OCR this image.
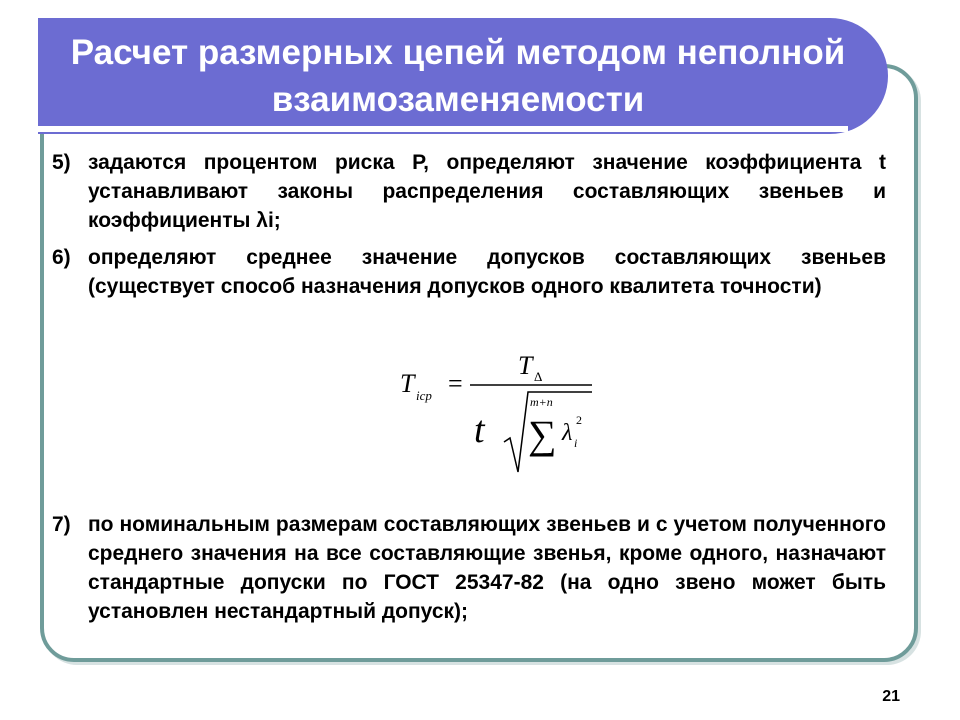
Расчет размерных цепей методом неполной взаимозаменяемости
5) задаются процентом риска Р, определяют значение коэффициента t устанавливают законы распределения составляющих звеньев и коэффициенты λi;
6) определяют среднее значение допусков составляющих звеньев (существует способ назначения допусков одного квалитета точности)
T icp =
T Δ
t
m+n
∑ λ i
2
7) по номинальным размерам составляющих звеньев и с учетом полученного среднего значения на все составляющие звенья, кроме одного, назначают стандартные допуски по ГОСТ 25347-82 (на одно звено может быть установлен нестандартный допуск);
21
